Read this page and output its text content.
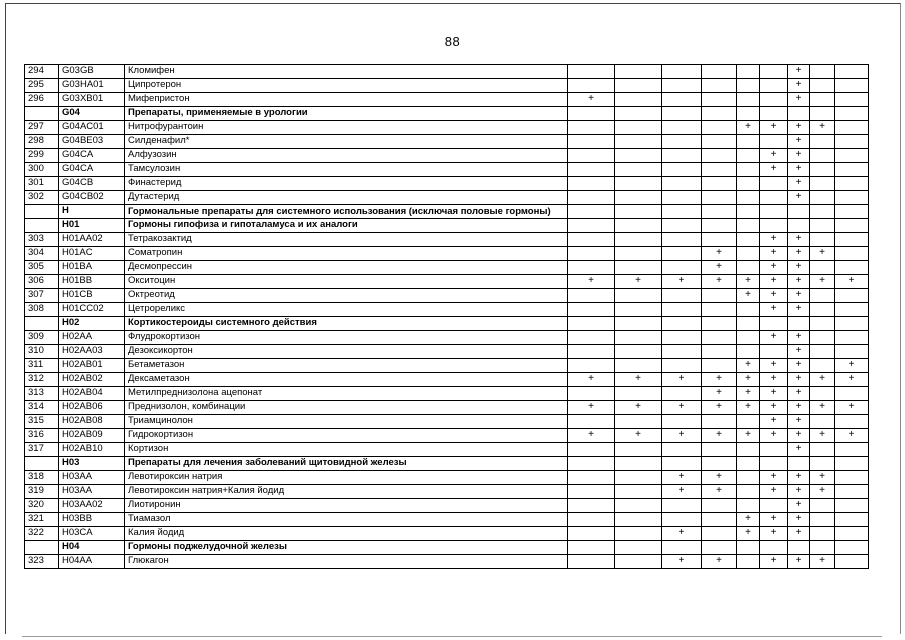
88
294	G03GB	Кломифен							+		
295	G03HA01	Ципротерон							+		
296	G03XB01	Мифепристон	+						+		
	G04	Препараты, применяемые в урологии									
297	G04AC01	Нитрофурантоин					+	+	+	+	
298	G04BE03	Силденафил*							+		
299	G04CA	Алфузозин						+	+		
300	G04CA	Тамсулозин						+	+		
301	G04CB	Финастерид							+		
302	G04CB02	Дутастерид							+		
	H	Гормональные препараты для системного использования (исключая половые гормоны)									
	H01	Гормоны гипофиза и гипоталамуса и их аналоги									
303	H01AA02	Тетракозактид						+	+		
304	H01AC	Соматропин				+		+	+	+	
305	H01BA	Десмопрессин				+		+	+		
306	H01BB	Окситоцин	+	+	+	+	+	+	+	+	+
307	H01CB	Октреотид					+	+	+		
308	H01CC02	Цетрореликс						+	+		
	H02	Кортикостероиды системного действия									
309	H02AA	Флудрокортизон						+	+		
310	H02AA03	Дезоксикортон							+		
311	H02AB01	Бетаметазон					+	+	+		+
312	H02AB02	Дексаметазон	+	+	+	+	+	+	+	+	+
313	H02AB04	Метилпреднизолона ацепонат				+	+	+	+		
314	H02AB06	Преднизолон, комбинации	+	+	+	+	+	+	+	+	+
315	H02AB08	Триамцинолон						+	+		
316	H02AB09	Гидрокортизон	+	+	+	+	+	+	+	+	+
317	H02AB10	Кортизон							+		
	H03	Препараты для лечения заболеваний щитовидной железы									
318	H03AA	Левотироксин натрия			+	+		+	+	+	
319	H03AA	Левотироксин натрия+Калия йодид			+	+		+	+	+	
320	H03AA02	Лиотиронин							+		
321	H03BB	Тиамазол					+	+	+		
322	H03CA	Калия йодид			+		+	+	+		
	H04	Гормоны поджелудочной железы									
323	H04AA	Глюкагон			+	+		+	+	+	
